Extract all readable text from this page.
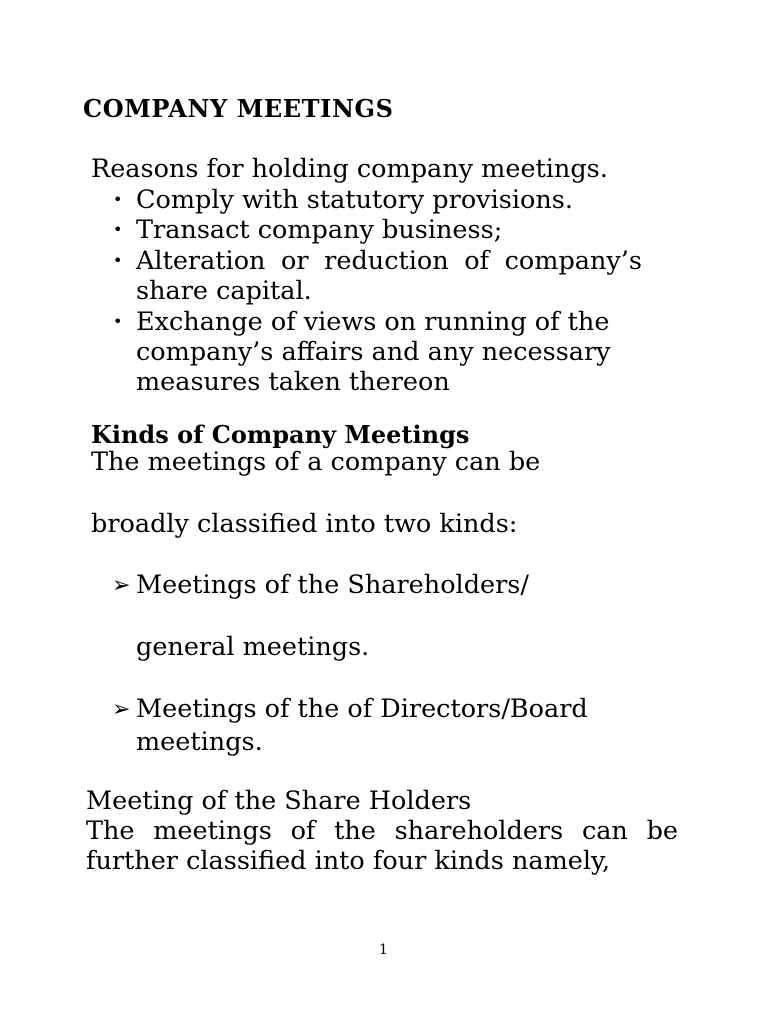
COMPANY MEETINGS
Reasons for holding company meetings.
• Comply with statutory provisions.
• Transact company business;
• Alteration or reduction of company’s
share capital.
• Exchange of views on running of the
company’s affairs and any necessary
measures taken thereon
Kinds of Company Meetings
The meetings of a company can be
broadly classified into two kinds:
➢ Meetings of the Shareholders/
general meetings.
➢ Meetings of the of Directors/Board
meetings.
Meeting of the Share Holders
The meetings of the shareholders can be
further classified into four kinds namely,
1
